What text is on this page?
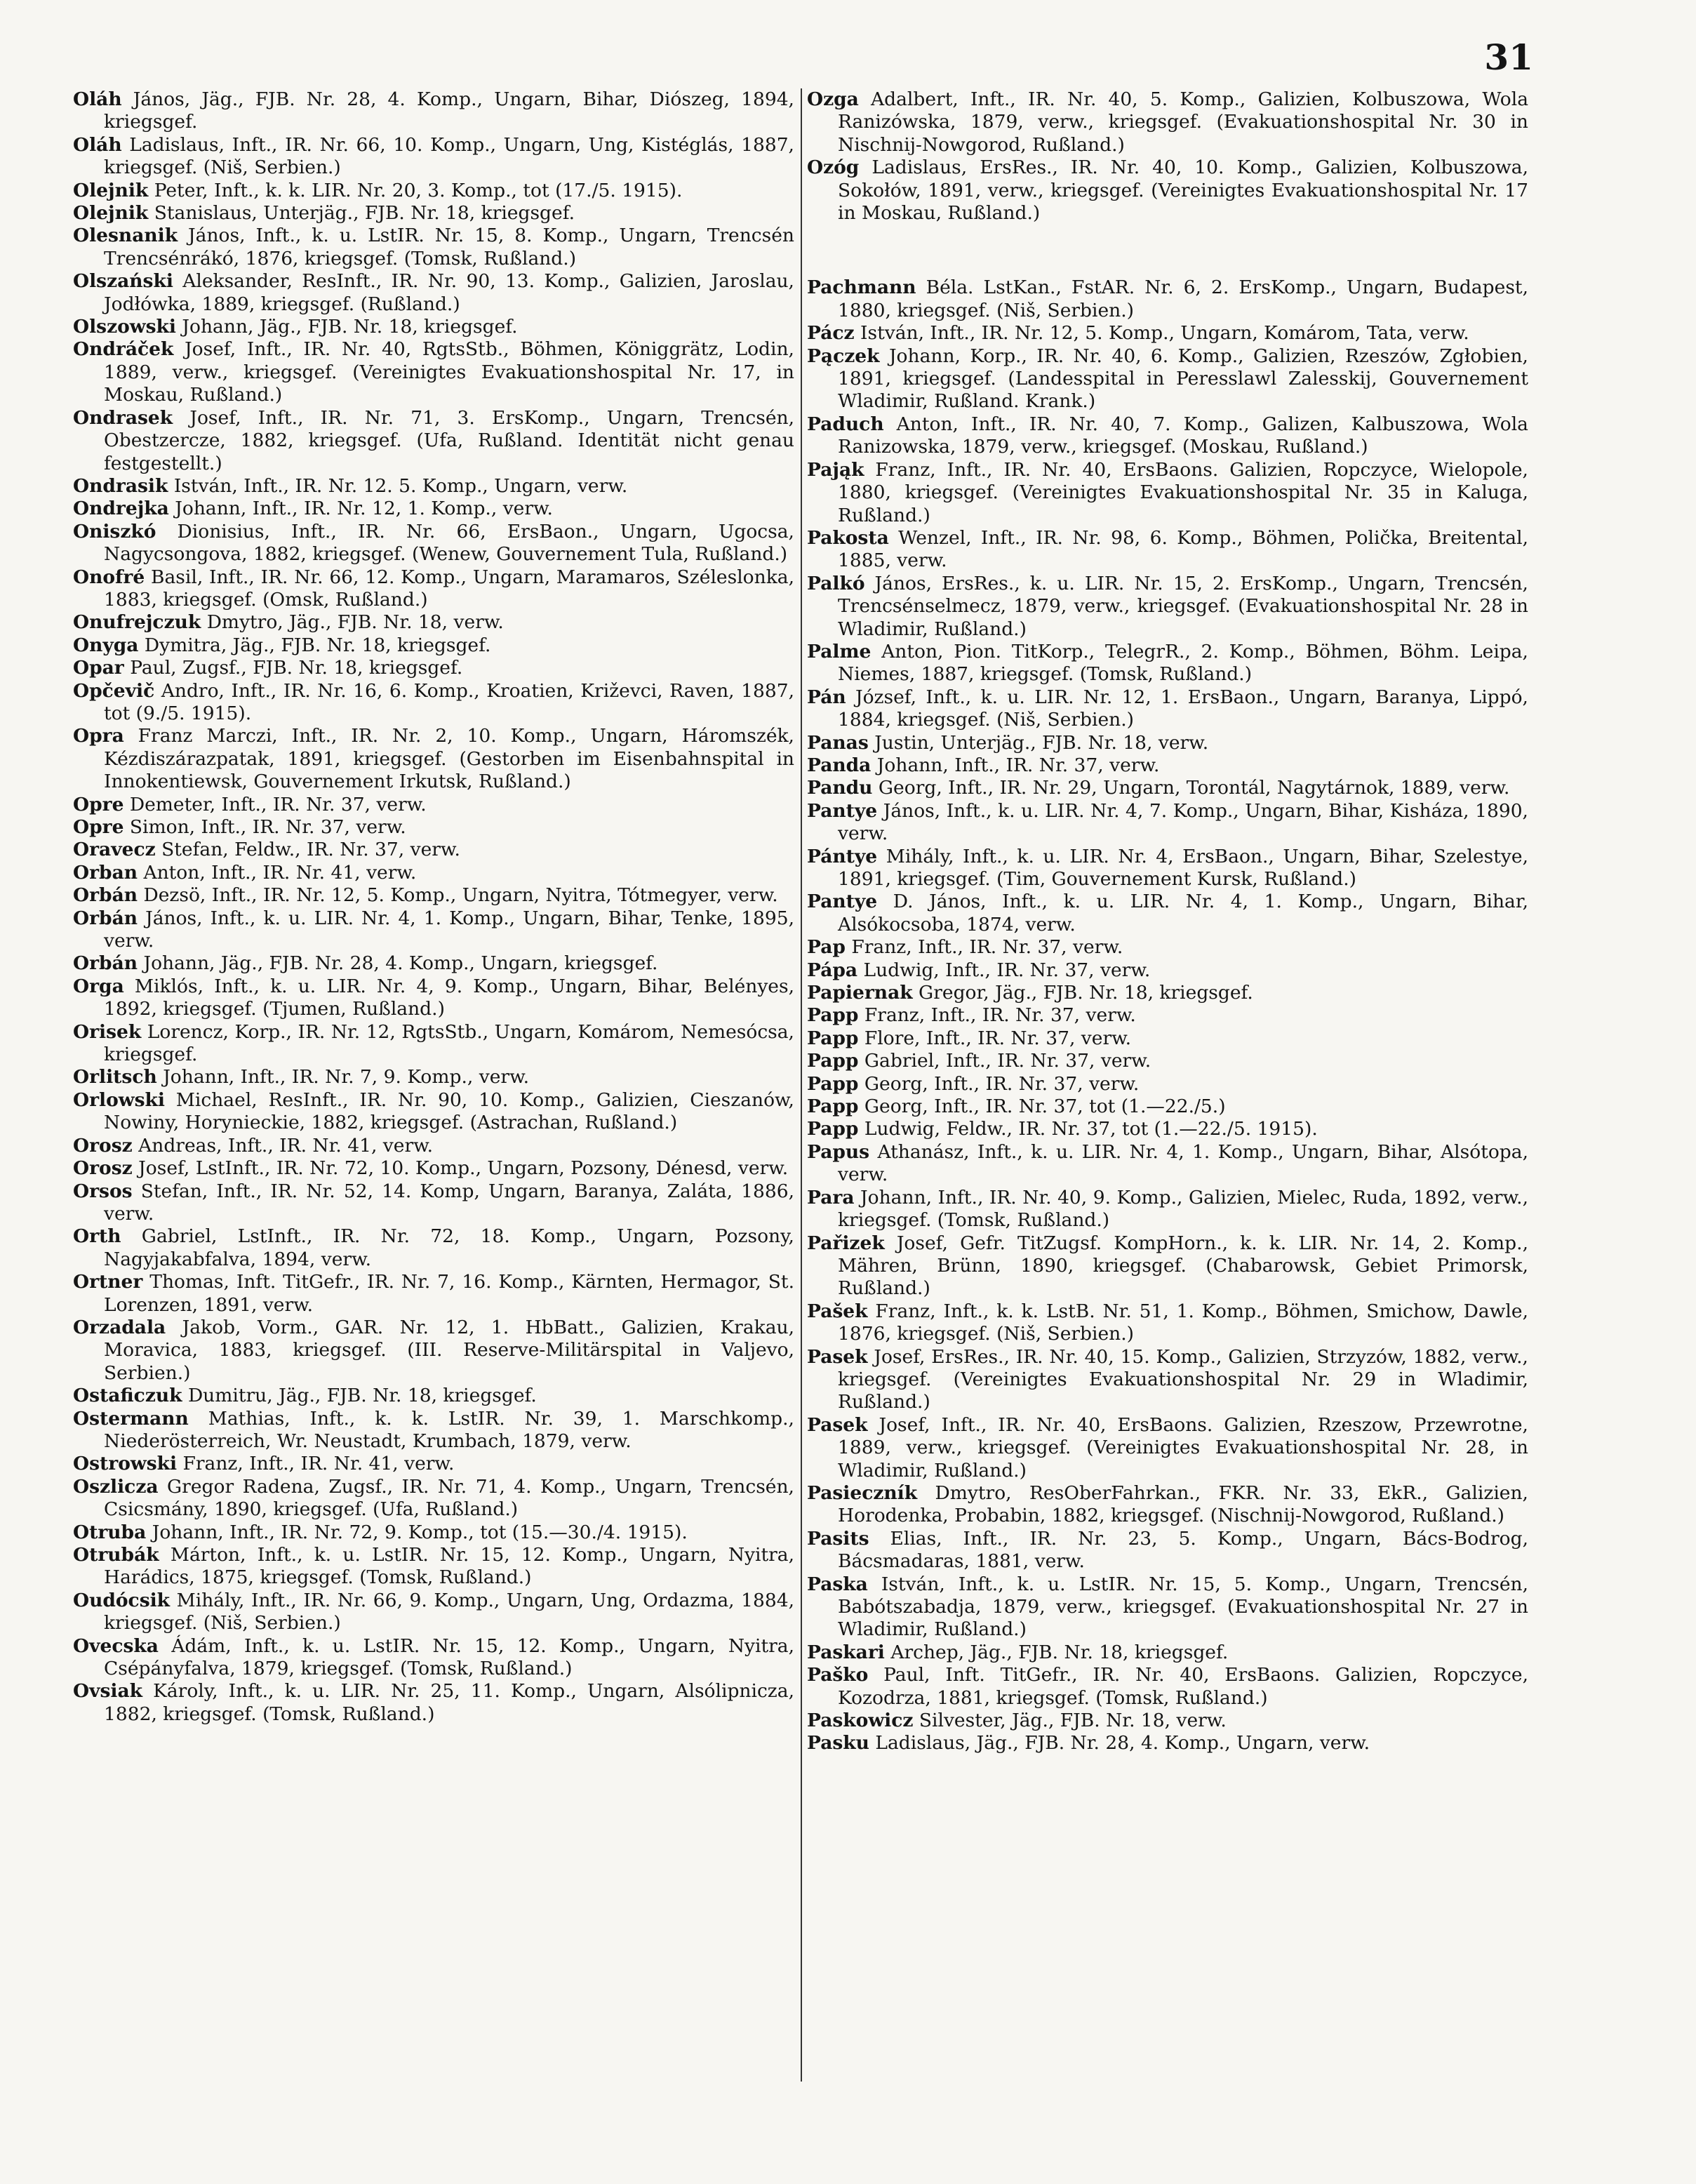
31

Oláh János, Jäg., FJB. Nr. 28, 4. Komp., Ungarn, Bihar, Diószeg, 1894, kriegsgef.

Oláh Ladislaus, Inft., IR. Nr. 66, 10. Komp., Ungarn, Ung, Kistéglás, 1887, kriegsgef. (Niš, Serbien.)

Olejnik Peter, Inft., k. k. LIR. Nr. 20, 3. Komp., tot (17./5. 1915).

Olejnik Stanislaus, Unterjäg., FJB. Nr. 18, kriegsgef.

Olesnanik János, Inft., k. u. LstIR. Nr. 15, 8. Komp., Ungarn, Trencsén Trencsénrákó, 1876, kriegsgef. (Tomsk, Rußland.)

Olszański Aleksander, ResInft., IR. Nr. 90, 13. Komp., Galizien, Jaroslau, Jodłówka, 1889, kriegsgef. (Rußland.)

Olszowski Johann, Jäg., FJB. Nr. 18, kriegsgef.

Ondráček Josef, Inft., IR. Nr. 40, RgtsStb., Böhmen, Königgrätz, Lodin, 1889, verw., kriegsgef. (Vereinigtes Evakuationshospital Nr. 17, in Moskau, Rußland.)

Ondrasek Josef, Inft., IR. Nr. 71, 3. ErsKomp., Ungarn, Trencsén, Obestzercze, 1882, kriegsgef. (Ufa, Rußland. Identität nicht genau festgestellt.)

Ondrasik István, Inft., IR. Nr. 12. 5. Komp., Ungarn, verw.

Ondrejka Johann, Inft., IR. Nr. 12, 1. Komp., verw.

Oniszkó Dionisius, Inft., IR. Nr. 66, ErsBaon., Ungarn, Ugocsa, Nagycsongova, 1882, kriegsgef. (Wenew, Gouvernement Tula, Rußland.)

Onofré Basil, Inft., IR. Nr. 66, 12. Komp., Ungarn, Maramaros, Széleslonka, 1883, kriegsgef. (Omsk, Rußland.)

Onufrejczuk Dmytro, Jäg., FJB. Nr. 18, verw.

Onyga Dymitra, Jäg., FJB. Nr. 18, kriegsgef.

Opar Paul, Zugsf., FJB. Nr. 18, kriegsgef.

Opčevič Andro, Inft., IR. Nr. 16, 6. Komp., Kroatien, Križevci, Raven, 1887, tot (9./5. 1915).

Opra Franz Marczi, Inft., IR. Nr. 2, 10. Komp., Ungarn, Háromszék, Kézdiszárazpatak, 1891, kriegsgef. (Gestorben im Eisenbahnspital in Innokentiewsk, Gouvernement Irkutsk, Rußland.)

Opre Demeter, Inft., IR. Nr. 37, verw.

Opre Simon, Inft., IR. Nr. 37, verw.

Oravecz Stefan, Feldw., IR. Nr. 37, verw.

Orban Anton, Inft., IR. Nr. 41, verw.

Orbán Dezsö, Inft., IR. Nr. 12, 5. Komp., Ungarn, Nyitra, Tótmegyer, verw.

Orbán János, Inft., k. u. LIR. Nr. 4, 1. Komp., Ungarn, Bihar, Tenke, 1895, verw.

Orbán Johann, Jäg., FJB. Nr. 28, 4. Komp., Ungarn, kriegsgef.

Orga Miklós, Inft., k. u. LIR. Nr. 4, 9. Komp., Ungarn, Bihar, Belényes, 1892, kriegsgef. (Tjumen, Rußland.)

Orisek Lorencz, Korp., IR. Nr. 12, RgtsStb., Ungarn, Komárom, Nemesócsa, kriegsgef.

Orlitsch Johann, Inft., IR. Nr. 7, 9. Komp., verw.

Orlowski Michael, ResInft., IR. Nr. 90, 10. Komp., Galizien, Cieszanów, Nowiny, Horynieckie, 1882, kriegsgef. (Astrachan, Rußland.)

Orosz Andreas, Inft., IR. Nr. 41, verw.

Orosz Josef, LstInft., IR. Nr. 72, 10. Komp., Ungarn, Pozsony, Dénesd, verw.

Orsos Stefan, Inft., IR. Nr. 52, 14. Komp, Ungarn, Baranya, Zaláta, 1886, verw.

Orth Gabriel, LstInft., IR. Nr. 72, 18. Komp., Ungarn, Pozsony, Nagyjakabfalva, 1894, verw.

Ortner Thomas, Inft. TitGefr., IR. Nr. 7, 16. Komp., Kärnten, Hermagor, St. Lorenzen, 1891, verw.

Orzadala Jakob, Vorm., GAR. Nr. 12, 1. HbBatt., Galizien, Krakau, Moravica, 1883, kriegsgef. (III. Reserve-Militärspital in Valjevo, Serbien.)

Ostaficzuk Dumitru, Jäg., FJB. Nr. 18, kriegsgef.

Ostermann Mathias, Inft., k. k. LstIR. Nr. 39, 1. Marschkomp., Niederösterreich, Wr. Neustadt, Krumbach, 1879, verw.

Ostrowski Franz, Inft., IR. Nr. 41, verw.

Oszlicza Gregor Radena, Zugsf., IR. Nr. 71, 4. Komp., Ungarn, Trencsén, Csicsmány, 1890, kriegsgef. (Ufa, Rußland.)

Otruba Johann, Inft., IR. Nr. 72, 9. Komp., tot (15.—30./4. 1915).

Otrubák Márton, Inft., k. u. LstIR. Nr. 15, 12. Komp., Ungarn, Nyitra, Harádics, 1875, kriegsgef. (Tomsk, Rußland.)

Oudócsik Mihály, Inft., IR. Nr. 66, 9. Komp., Ungarn, Ung, Ordazma, 1884, kriegsgef. (Niš, Serbien.)

Ovecska Ádám, Inft., k. u. LstIR. Nr. 15, 12. Komp., Ungarn, Nyitra, Csépányfalva, 1879, kriegsgef. (Tomsk, Rußland.)

Ovsiak Károly, Inft., k. u. LIR. Nr. 25, 11. Komp., Ungarn, Alsólipnicza, 1882, kriegsgef. (Tomsk, Rußland.)

Ozga Adalbert, Inft., IR. Nr. 40, 5. Komp., Galizien, Kolbuszowa, Wola Ranizówska, 1879, verw., kriegsgef. (Evakuationshospital Nr. 30 in Nischnij-Nowgorod, Rußland.)

Ozóg Ladislaus, ErsRes., IR. Nr. 40, 10. Komp., Galizien, Kolbuszowa, Sokołów, 1891, verw., kriegsgef. (Vereinigtes Evakuationshospital Nr. 17 in Moskau, Rußland.)

Pachmann Béla. LstKan., FstAR. Nr. 6, 2. ErsKomp., Ungarn, Budapest, 1880, kriegsgef. (Niš, Serbien.)

Pácz István, Inft., IR. Nr. 12, 5. Komp., Ungarn, Komárom, Tata, verw.

Pączek Johann, Korp., IR. Nr. 40, 6. Komp., Galizien, Rzeszów, Zgłobien, 1891, kriegsgef. (Landesspital in Peresslawl Zalesskij, Gouvernement Wladimir, Rußland. Krank.)

Paduch Anton, Inft., IR. Nr. 40, 7. Komp., Galizen, Kalbuszowa, Wola Ranizowska, 1879, verw., kriegsgef. (Moskau, Rußland.)

Pająk Franz, Inft., IR. Nr. 40, ErsBaons. Galizien, Ropczyce, Wielopole, 1880, kriegsgef. (Vereinigtes Evakuationshospital Nr. 35 in Kaluga, Rußland.)

Pakosta Wenzel, Inft., IR. Nr. 98, 6. Komp., Böhmen, Polička, Breitental, 1885, verw.

Palkó János, ErsRes., k. u. LIR. Nr. 15, 2. ErsKomp., Ungarn, Trencsén, Trencsénselmecz, 1879, verw., kriegsgef. (Evakuationshospital Nr. 28 in Wladimir, Rußland.)

Palme Anton, Pion. TitKorp., TelegrR., 2. Komp., Böhmen, Böhm. Leipa, Niemes, 1887, kriegsgef. (Tomsk, Rußland.)

Pán József, Inft., k. u. LIR. Nr. 12, 1. ErsBaon., Ungarn, Baranya, Lippó, 1884, kriegsgef. (Niš, Serbien.)

Panas Justin, Unterjäg., FJB. Nr. 18, verw.

Panda Johann, Inft., IR. Nr. 37, verw.

Pandu Georg, Inft., IR. Nr. 29, Ungarn, Torontál, Nagytárnok, 1889, verw.

Pantye János, Inft., k. u. LIR. Nr. 4, 7. Komp., Ungarn, Bihar, Kisháza, 1890, verw.

Pántye Mihály, Inft., k. u. LIR. Nr. 4, ErsBaon., Ungarn, Bihar, Szelestye, 1891, kriegsgef. (Tim, Gouvernement Kursk, Rußland.)

Pantye D. János, Inft., k. u. LIR. Nr. 4, 1. Komp., Ungarn, Bihar, Alsókocsoba, 1874, verw.

Pap Franz, Inft., IR. Nr. 37, verw.

Pápa Ludwig, Inft., IR. Nr. 37, verw.

Papiernak Gregor, Jäg., FJB. Nr. 18, kriegsgef.

Papp Franz, Inft., IR. Nr. 37, verw.

Papp Flore, Inft., IR. Nr. 37, verw.

Papp Gabriel, Inft., IR. Nr. 37, verw.

Papp Georg, Inft., IR. Nr. 37, verw.

Papp Georg, Inft., IR. Nr. 37, tot (1.—22./5.)

Papp Ludwig, Feldw., IR. Nr. 37, tot (1.—22./5. 1915).

Papus Athanász, Inft., k. u. LIR. Nr. 4, 1. Komp., Ungarn, Bihar, Alsótopa, verw.

Para Johann, Inft., IR. Nr. 40, 9. Komp., Galizien, Mielec, Ruda, 1892, verw., kriegsgef. (Tomsk, Rußland.)

Pařizek Josef, Gefr. TitZugsf. KompHorn., k. k. LIR. Nr. 14, 2. Komp., Mähren, Brünn, 1890, kriegsgef. (Chabarowsk, Gebiet Primorsk, Rußland.)

Pašek Franz, Inft., k. k. LstB. Nr. 51, 1. Komp., Böhmen, Smichow, Dawle, 1876, kriegsgef. (Niš, Serbien.)

Pasek Josef, ErsRes., IR. Nr. 40, 15. Komp., Galizien, Strzyzów, 1882, verw., kriegsgef. (Vereinigtes Evakuationshospital Nr. 29 in Wladimir, Rußland.)

Pasek Josef, Inft., IR. Nr. 40, ErsBaons. Galizien, Rzeszow, Przewrotne, 1889, verw., kriegsgef. (Vereinigtes Evakuationshospital Nr. 28, in Wladimir, Rußland.)

Pasieczník Dmytro, ResOberFahrkan., FKR. Nr. 33, EkR., Galizien, Horodenka, Probabin, 1882, kriegsgef. (Nischnij-Nowgorod, Rußland.)

Pasits Elias, Inft., IR. Nr. 23, 5. Komp., Ungarn, Bács-Bodrog, Bácsmadaras, 1881, verw.

Paska István, Inft., k. u. LstIR. Nr. 15, 5. Komp., Ungarn, Trencsén, Babótszabadja, 1879, verw., kriegsgef. (Evakuationshospital Nr. 27 in Wladimir, Rußland.)

Paskari Archep, Jäg., FJB. Nr. 18, kriegsgef.

Paško Paul, Inft. TitGefr., IR. Nr. 40, ErsBaons. Galizien, Ropczyce, Kozodrza, 1881, kriegsgef. (Tomsk, Rußland.)

Paskowicz Silvester, Jäg., FJB. Nr. 18, verw.

Pasku Ladislaus, Jäg., FJB. Nr. 28, 4. Komp., Ungarn, verw.
